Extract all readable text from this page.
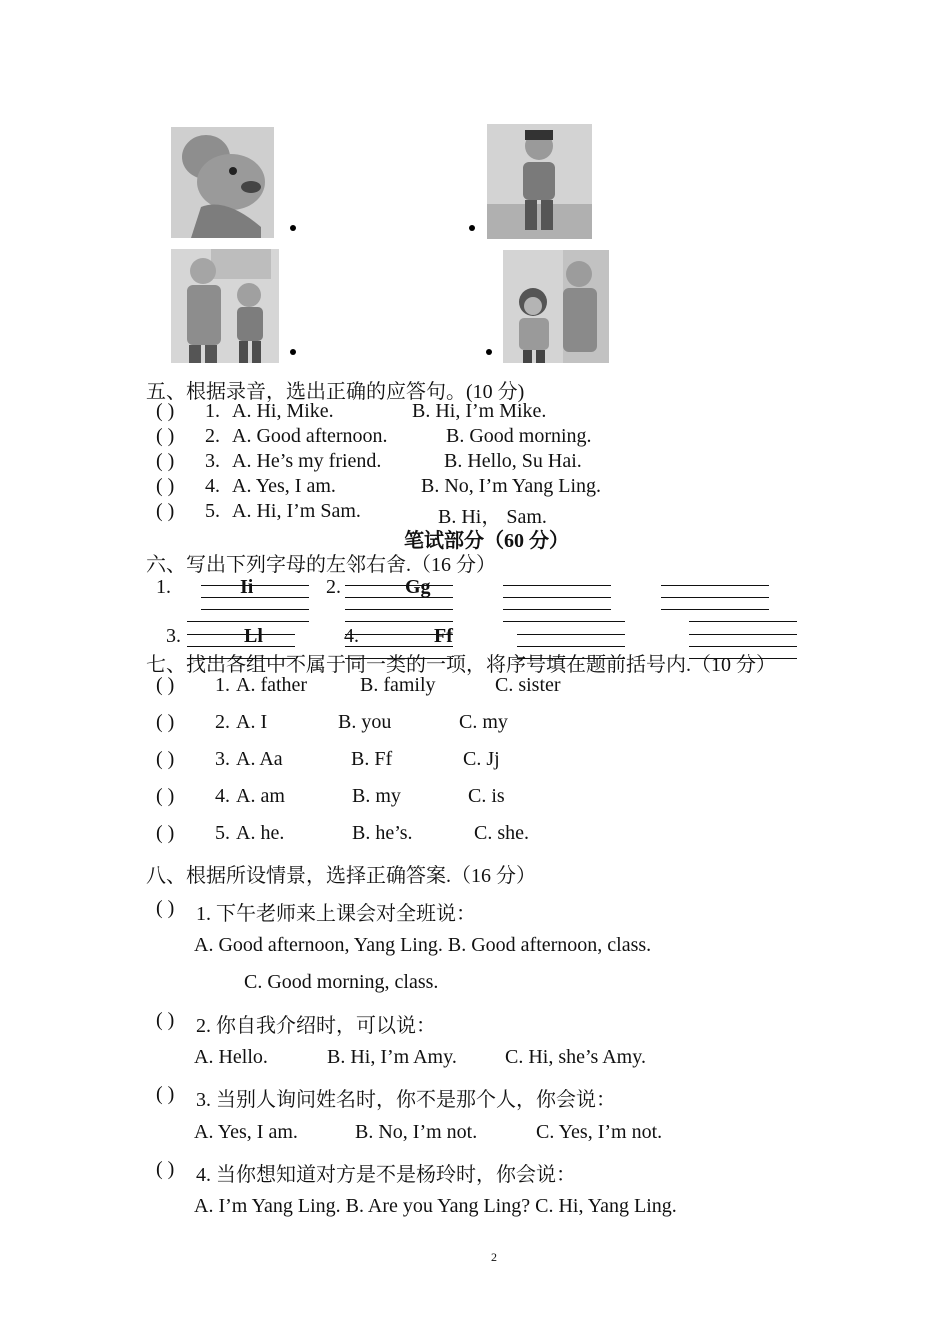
五、根据录音，选出正确的应答句。(10 分)
( ) 1. A. Hi, Mike.	B. Hi, I’m Mike.
( ) 2. A. Good afternoon.	B. Good morning.
( ) 3. A. He’s my friend.	B. Hello, Su Hai.
( ) 4. A. Yes, I am.	B. No, I’m Yang Ling.
( ) 5. A. Hi, I’m Sam.	B. Hi， Sam.
笔试部分（60 分）
六、写出下列字母的左邻右舍.（16 分）
1.	Ii	2.	Gg
3.	Ll	4.	Ff
七、找出各组中不属于同一类的一项，将序号填在题前括号内.（10 分）
( ) 1. A. father	B. family	C. sister
( ) 2. A. I	B. you	C. my
( ) 3. A. Aa	B. Ff	C. Jj
( ) 4. A. am	B. my	C. is
( ) 5. A. he.	B. he’s.	C. she.
八、根据所设情景，选择正确答案.（16 分）
( ) 1. 下午老师来上课会对全班说：
A. Good afternoon, Yang Ling. B. Good afternoon, class.
C. Good morning, class.
( ) 2. 你自我介绍时，可以说：
A. Hello.	B. Hi, I’m Amy. C. Hi, she’s Amy.
( ) 3. 当别人询问姓名时，你不是那个人，你会说：
A. Yes, I am.	B. No, I’m not.	C. Yes, I’m not.
( ) 4. 当你想知道对方是不是杨玲时，你会说：
A. I’m Yang Ling. B. Are you Yang Ling? C. Hi, Yang Ling.
2
